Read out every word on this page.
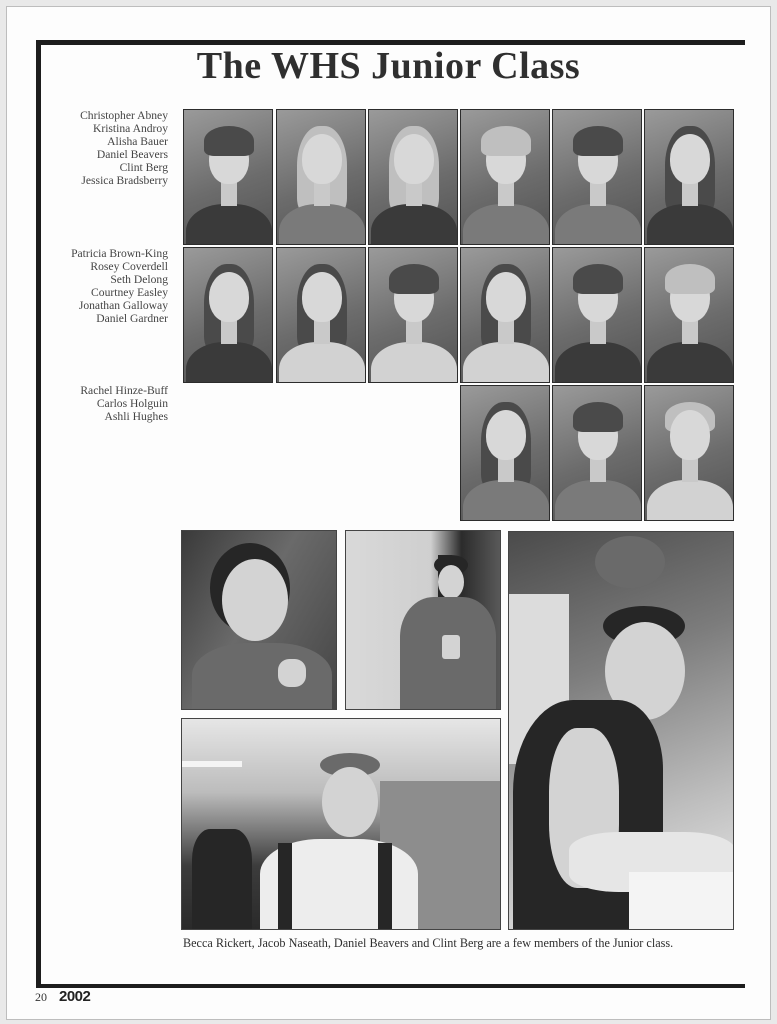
The WHS Junior Class
Christopher Abney
Kristina Androy
Alisha Bauer
Daniel Beavers
Clint Berg
Jessica Bradsberry
Patricia Brown-King
Rosey Coverdell
Seth Delong
Courtney Easley
Jonathan Galloway
Daniel Gardner
Rachel Hinze-Buff
Carlos Holguin
Ashli Hughes

Becca Rickert, Jacob Naseath, Daniel Beavers and Clint Berg are a few members of the Junior class.

20 2002
